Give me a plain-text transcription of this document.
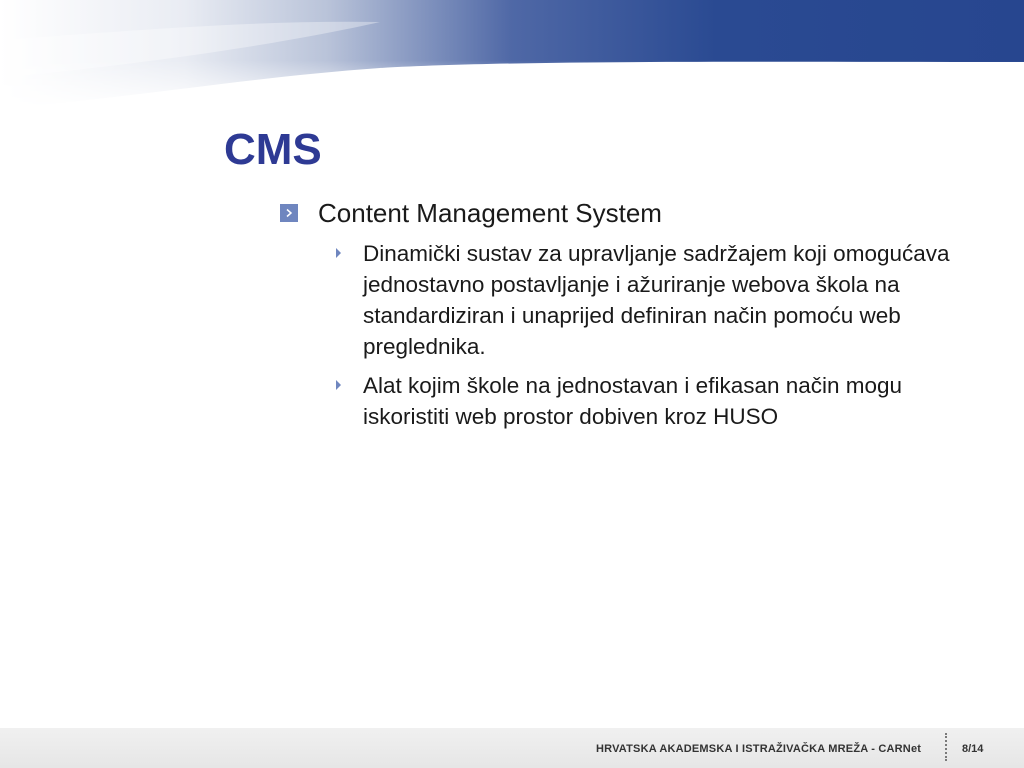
CMS
Content Management System
Dinamički sustav za upravljanje sadržajem koji omogućava jednostavno postavljanje i ažuriranje webova škola na standardiziran i unaprijed definiran način pomoću web preglednika.
Alat kojim škole na jednostavan i efikasan način mogu iskoristiti web prostor dobiven kroz HUSO
HRVATSKA AKADEMSKA I ISTRAŽIVAČKA MREŽA - CARNet	8/14
